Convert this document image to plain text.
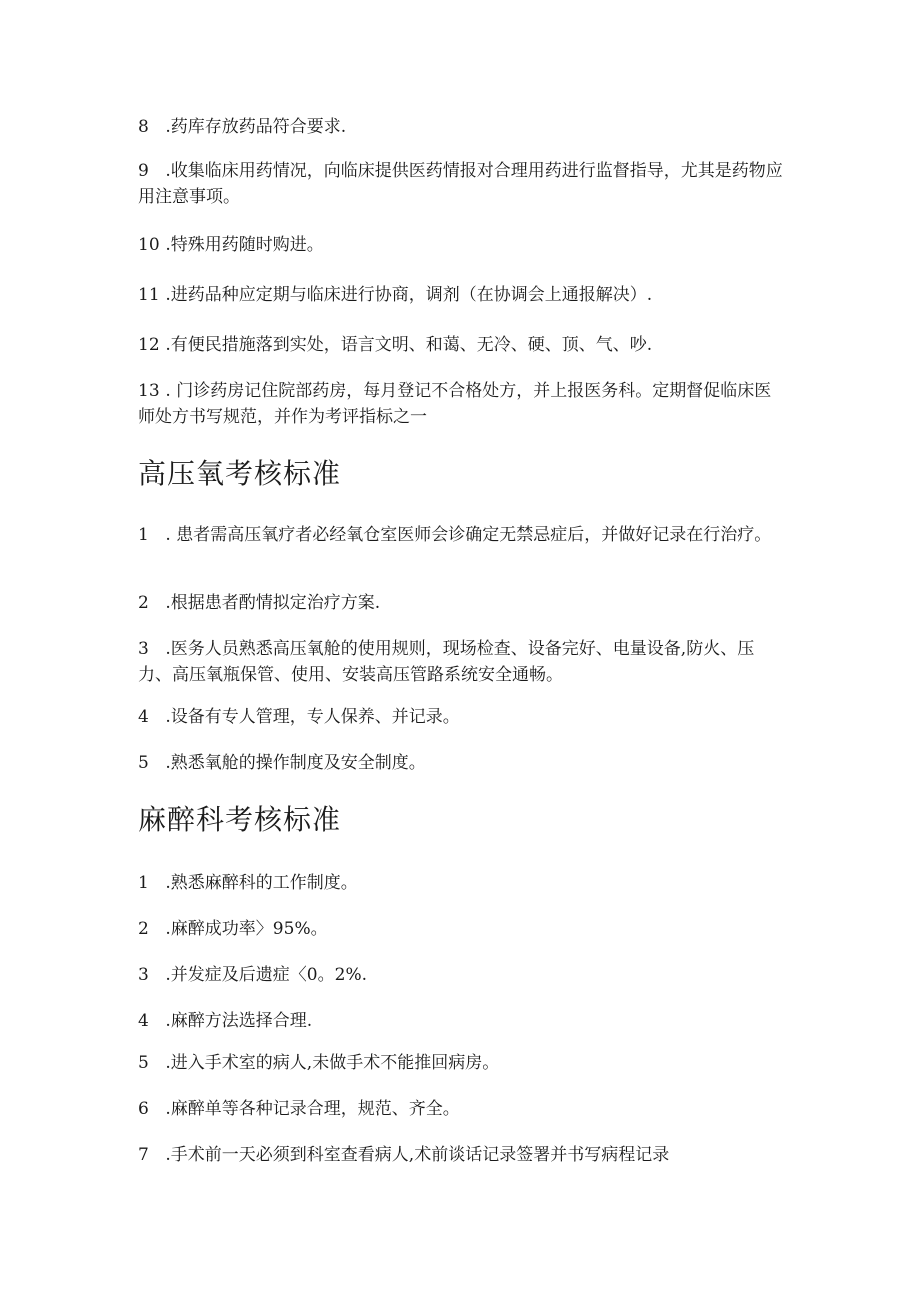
8 .药库存放药品符合要求.

9 .收集临床用药情况，向临床提供医药情报对合理用药进行监督指导，尤其是药物应用注意事项。

10 .特殊用药随时购进。

11 .进药品种应定期与临床进行协商，调剂（在协调会上通报解决）.

12 .有便民措施落到实处，语言文明、和蔼、无冷、硬、顶、气、吵.

13 . 门诊药房记住院部药房，每月登记不合格处方，并上报医务科。定期督促临床医师处方书写规范，并作为考评指标之一

高压氧考核标准

1 . 患者需高压氧疗者必经氧仓室医师会诊确定无禁忌症后，并做好记录在行治疗。

2 .根据患者酌情拟定治疗方案.

3 .医务人员熟悉高压氧舱的使用规则，现场检查、设备完好、电量设备,防火、压力、高压氧瓶保管、使用、安装高压管路系统安全通畅。

4 .设备有专人管理，专人保养、并记录。

5 .熟悉氧舱的操作制度及安全制度。

麻醉科考核标准

1 .熟悉麻醉科的工作制度。

2 .麻醉成功率〉95%。

3 .并发症及后遗症〈0。2%.

4 .麻醉方法选择合理.

5 .进入手术室的病人,未做手术不能推回病房。

6 .麻醉单等各种记录合理，规范、齐全。

7 .手术前一天必须到科室查看病人,术前谈话记录签署并书写病程记录
